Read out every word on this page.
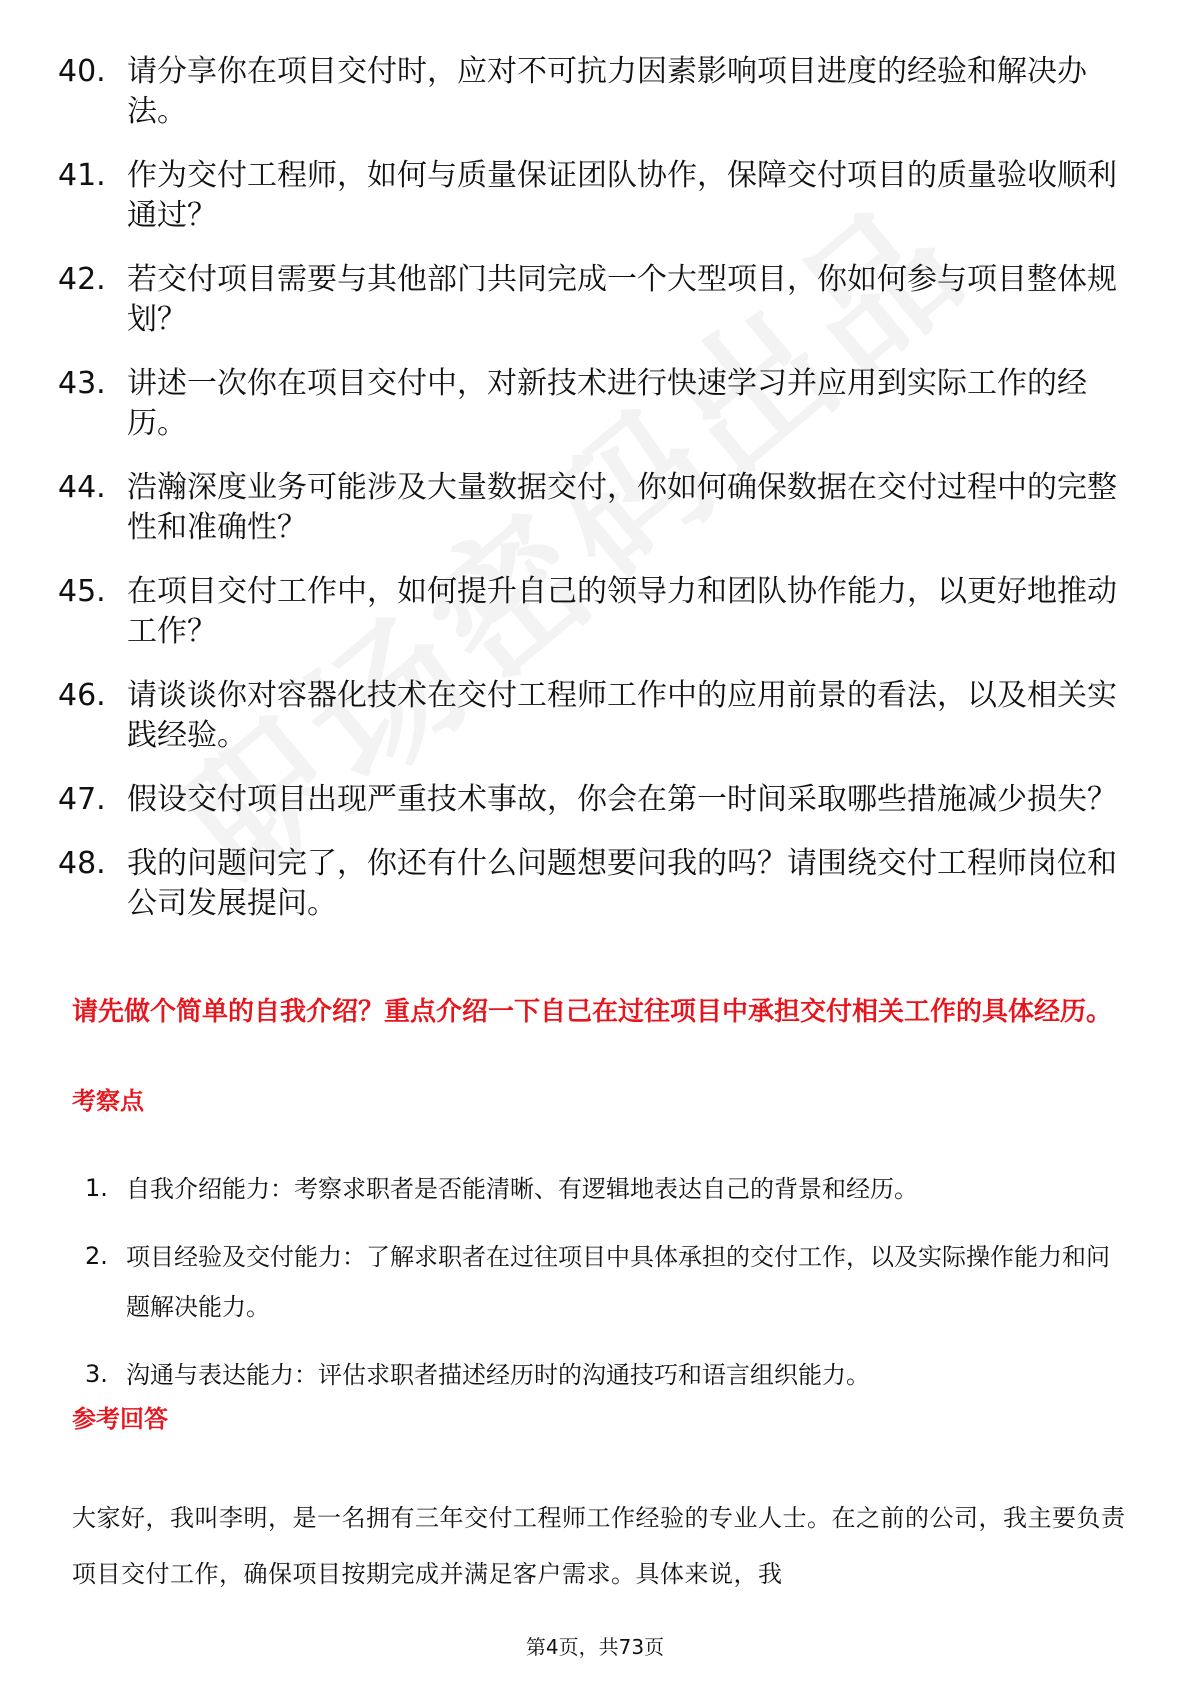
40. 请分享你在项目交付时，应对不可抗力因素影响项目进度的经验和解决办法。
41. 作为交付工程师，如何与质量保证团队协作，保障交付项目的质量验收顺利通过？
42. 若交付项目需要与其他部门共同完成一个大型项目，你如何参与项目整体规划？
43. 讲述一次你在项目交付中，对新技术进行快速学习并应用到实际工作的经历。
44. 浩瀚深度业务可能涉及大量数据交付，你如何确保数据在交付过程中的完整性和准确性？
45. 在项目交付工作中，如何提升自己的领导力和团队协作能力，以更好地推动工作？
46. 请谈谈你对容器化技术在交付工程师工作中的应用前景的看法，以及相关实践经验。
47. 假设交付项目出现严重技术事故，你会在第一时间采取哪些措施减少损失？
48. 我的问题问完了，你还有什么问题想要问我的吗？请围绕交付工程师岗位和公司发展提问。
请先做个简单的自我介绍？重点介绍一下自己在过往项目中承担交付相关工作的具体经历。
考察点
1. 自我介绍能力：考察求职者是否能清晰、有逻辑地表达自己的背景和经历。
2. 项目经验及交付能力：了解求职者在过往项目中具体承担的交付工作，以及实际操作能力和问题解决能力。
3. 沟通与表达能力：评估求职者描述经历时的沟通技巧和语言组织能力。
参考回答
大家好，我叫李明，是一名拥有三年交付工程师工作经验的专业人士。在之前的公司，我主要负责项目交付工作，确保项目按期完成并满足客户需求。具体来说，我
第4页，共73页
